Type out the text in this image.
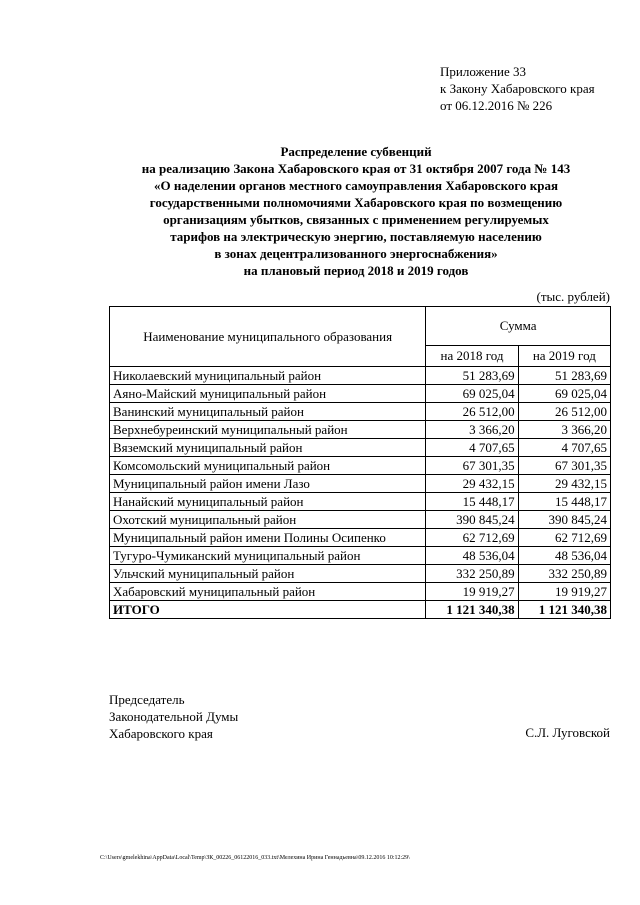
Приложение 33
к Закону Хабаровского края
от 06.12.2016 № 226
Распределение субвенций
на реализацию Закона Хабаровского края от 31 октября 2007 года № 143
«О наделении органов местного самоуправления Хабаровского края
государственными полномочиями Хабаровского края по возмещению
организациям убытков, связанных с применением регулируемых
тарифов на электрическую энергию, поставляемую населению
в зонах децентрализованного энергоснабжения»
на плановый период 2018 и 2019 годов
(тыс. рублей)
Наименование муниципального образования	Сумма	
	на 2018 год	на 2019 год
Николаевский муниципальный район	51 283,69	51 283,69
Аяно-Майский муниципальный район	69 025,04	69 025,04
Ванинский муниципальный район	26 512,00	26 512,00
Верхнебуреинский муниципальный район	3 366,20	3 366,20
Вяземский муниципальный район	4 707,65	4 707,65
Комсомольский муниципальный район	67 301,35	67 301,35
Муниципальный район имени Лазо	29 432,15	29 432,15
Нанайский муниципальный район	15 448,17	15 448,17
Охотский муниципальный район	390 845,24	390 845,24
Муниципальный район имени Полины Осипенко	62 712,69	62 712,69
Тугуро-Чумиканский муниципальный район	48 536,04	48 536,04
Ульчский муниципальный район	332 250,89	332 250,89
Хабаровский муниципальный район	19 919,27	19 919,27
ИТОГО	1 121 340,38	1 121 340,38
Председатель
Законодательной Думы
Хабаровского края	С.Л. Луговской
C:\Users\gmelekhina\AppData\Local\Temp\ЗК_00226_06122016_033.txt\Мелехина Ирина Геннадьевна\09.12.2016 10:12:29\
